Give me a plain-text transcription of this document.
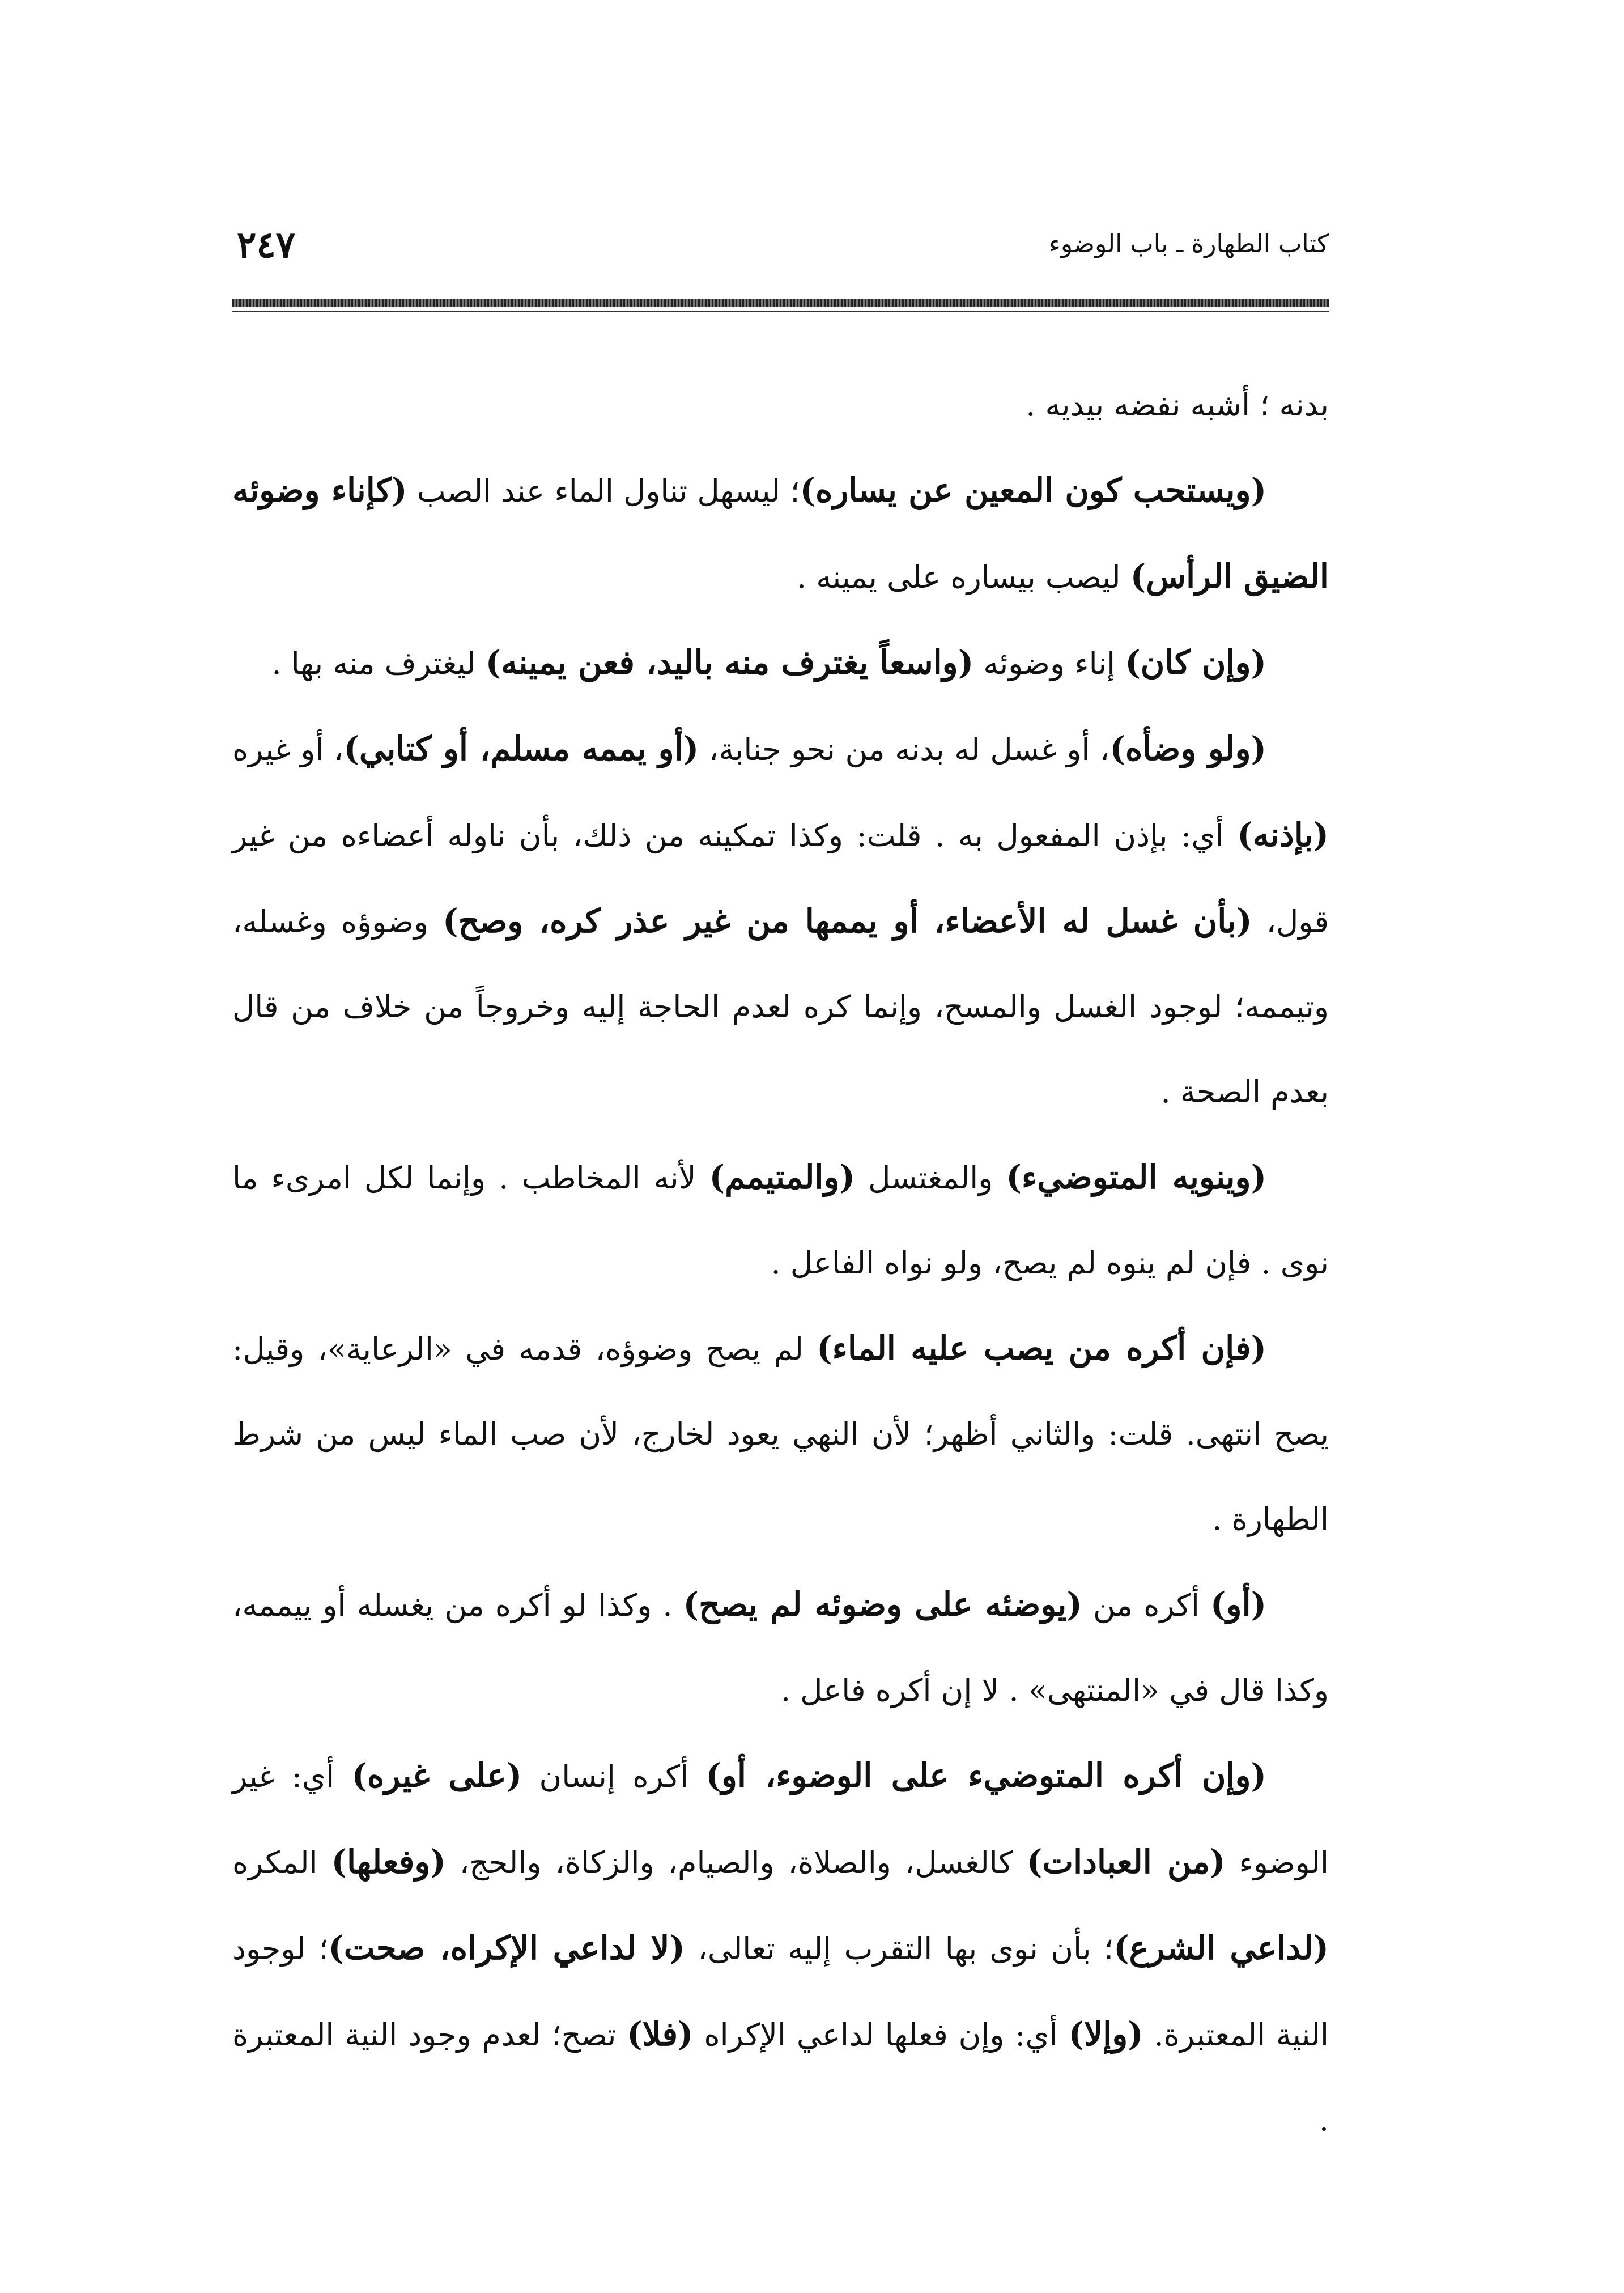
كتاب الطهارة ـ باب الوضوء
٢٤٧

بدنه ؛ أشبه نفضه بيديه .

(ويستحب كون المعين عن يساره)؛ ليسهل تناول الماء عند الصب (كإناء وضوئه الضيق الرأس) ليصب بيساره على يمينه .

(وإن كان) إناء وضوئه (واسعاً يغترف منه باليد، فعن يمينه) ليغترف منه بها .

(ولو وضأه)، أو غسل له بدنه من نحو جنابة، (أو يممه مسلم، أو كتابي)، أو غيره (بإذنه) أي: بإذن المفعول به . قلت: وكذا تمكينه من ذلك، بأن ناوله أعضاءه من غير قول، (بأن غسل له الأعضاء، أو يممها من غير عذر كره، وصح) وضوؤه وغسله، وتيممه؛ لوجود الغسل والمسح، وإنما كره لعدم الحاجة إليه وخروجاً من خلاف من قال بعدم الصحة .

(وينويه المتوضيء) والمغتسل (والمتيمم) لأنه المخاطب . وإنما لكل امرىء ما نوى . فإن لم ينوه لم يصح، ولو نواه الفاعل .

(فإن أكره من يصب عليه الماء) لم يصح وضوؤه، قدمه في «الرعاية»، وقيل: يصح انتهى. قلت: والثاني أظهر؛ لأن النهي يعود لخارج، لأن صب الماء ليس من شرط الطهارة .

(أو) أكره من (يوضئه على وضوئه لم يصح) . وكذا لو أكره من يغسله أو ييممه، وكذا قال في «المنتهى» . لا إن أكره فاعل .

(وإن أكره المتوضيء على الوضوء، أو) أكره إنسان (على غيره) أي: غير الوضوء (من العبادات) كالغسل، والصلاة، والصيام، والزكاة، والحج، (وفعلها) المكره (لداعي الشرع)؛ بأن نوى بها التقرب إليه تعالى، (لا لداعي الإكراه، صحت)؛ لوجود النية المعتبرة. (وإلا) أي: وإن فعلها لداعي الإكراه (فلا) تصح؛ لعدم وجود النية المعتبرة .
